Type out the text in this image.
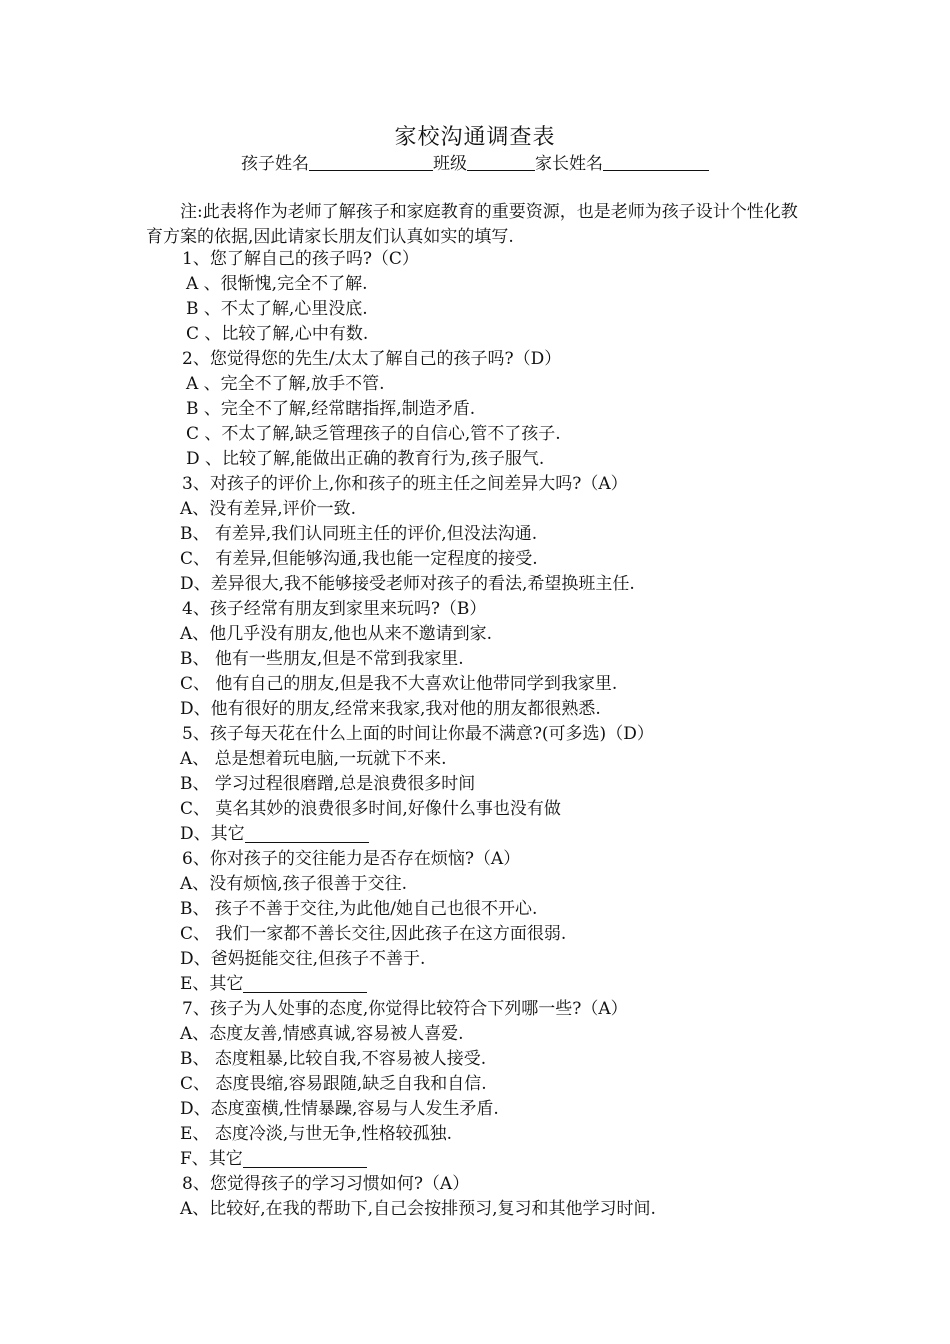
家校沟通调查表
孩子姓名	班级	家长姓名
注:此表将作为老师了解孩子和家庭教育的重要资源，也是老师为孩子设计个性化教育方案的依据,因此请家长朋友们认真如实的填写.
1、您了解自己的孩子吗?（C）
A 、很惭愧,完全不了解.
B 、不太了解,心里没底.
C 、比较了解,心中有数.
2、您觉得您的先生/太太了解自己的孩子吗?（D）
A 、完全不了解,放手不管.
B 、完全不了解,经常瞎指挥,制造矛盾.
C 、不太了解,缺乏管理孩子的自信心,管不了孩子.
D 、比较了解,能做出正确的教育行为,孩子服气.
3、对孩子的评价上,你和孩子的班主任之间差异大吗?（A）
A、没有差异,评价一致.
B、 有差异,我们认同班主任的评价,但没法沟通.
C、 有差异,但能够沟通,我也能一定程度的接受.
D、差异很大,我不能够接受老师对孩子的看法,希望换班主任.
4、孩子经常有朋友到家里来玩吗?（B）
A、他几乎没有朋友,他也从来不邀请到家.
B、 他有一些朋友,但是不常到我家里.
C、 他有自己的朋友,但是我不大喜欢让他带同学到我家里.
D、他有很好的朋友,经常来我家,我对他的朋友都很熟悉.
5、孩子每天花在什么上面的时间让你最不满意?(可多选)（D）
A、 总是想着玩电脑,一玩就下不来.
B、 学习过程很磨蹭,总是浪费很多时间
C、 莫名其妙的浪费很多时间,好像什么事也没有做
D、其它
6、你对孩子的交往能力是否存在烦恼?（A）
A、没有烦恼,孩子很善于交往.
B、 孩子不善于交往,为此他/她自己也很不开心.
C、 我们一家都不善长交往,因此孩子在这方面很弱.
D、爸妈挺能交往,但孩子不善于.
E、其它
7、孩子为人处事的态度,你觉得比较符合下列哪一些?（A）
A、态度友善,情感真诚,容易被人喜爱.
B、 态度粗暴,比较自我,不容易被人接受.
C、 态度畏缩,容易跟随,缺乏自我和自信.
D、态度蛮横,性情暴躁,容易与人发生矛盾.
E、 态度冷淡,与世无争,性格较孤独.
F、其它
8、您觉得孩子的学习习惯如何?（A）
A、比较好,在我的帮助下,自己会按排预习,复习和其他学习时间.
